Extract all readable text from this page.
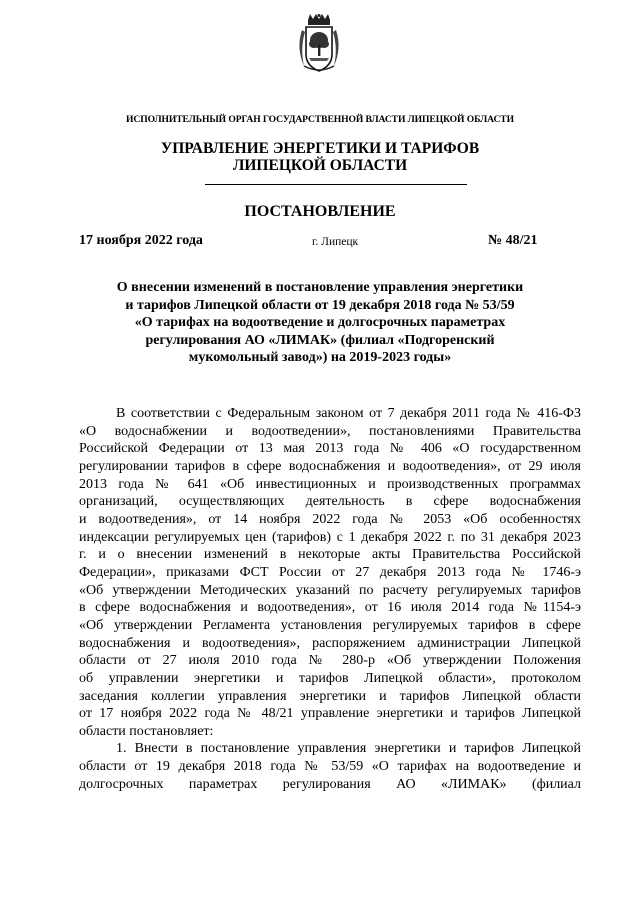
ИСПОЛНИТЕЛЬНЫЙ ОРГАН ГОСУДАРСТВЕННОЙ ВЛАСТИ ЛИПЕЦКОЙ ОБЛАСТИ
УПРАВЛЕНИЕ ЭНЕРГЕТИКИ И ТАРИФОВ
ЛИПЕЦКОЙ ОБЛАСТИ
ПОСТАНОВЛЕНИЕ
17 ноября 2022 года	г. Липецк	№ 48/21
О внесении изменений в постановление управления энергетики
и тарифов Липецкой области от 19 декабря 2018 года № 53/59
«О тарифах на водоотведение и долгосрочных параметрах
регулирования АО «ЛИМАК» (филиал «Подгоренский
мукомольный завод») на 2019-2023 годы»
В соответствии с Федеральным законом от 7 декабря 2011 года № 416-ФЗ
«О водоснабжении и водоотведении», постановлениями Правительства
Российской Федерации от 13 мая 2013 года № 406 «О государственном
регулировании тарифов в сфере водоснабжения и водоотведения», от 29 июля
2013 года № 641 «Об инвестиционных и производственных программах
организаций, осуществляющих деятельность в сфере водоснабжения
и водоотведения», от 14 ноября 2022 года № 2053 «Об особенностях
индексации регулируемых цен (тарифов) с 1 декабря 2022 г. по 31 декабря 2023
г. и о внесении изменений в некоторые акты Правительства Российской
Федерации», приказами ФСТ России от 27 декабря 2013 года № 1746-э
«Об утверждении Методических указаний по расчету регулируемых тарифов
в сфере водоснабжения и водоотведения», от 16 июля 2014 года №1154-э
«Об утверждении Регламента установления регулируемых тарифов в сфере
водоснабжения и водоотведения», распоряжением администрации Липецкой
области от 27 июля 2010 года № 280-р «Об утверждении Положения
об управлении энергетики и тарифов Липецкой области», протоколом
заседания коллегии управления энергетики и тарифов Липецкой области
от 17 ноября 2022 года № 48/21 управление энергетики и тарифов Липецкой
области постановляет:
1. Внести в постановление управления энергетики и тарифов Липецкой
области от 19 декабря 2018 года № 53/59 «О тарифах на водоотведение и
долгосрочных параметрах регулирования АО «ЛИМАК» (филиал
